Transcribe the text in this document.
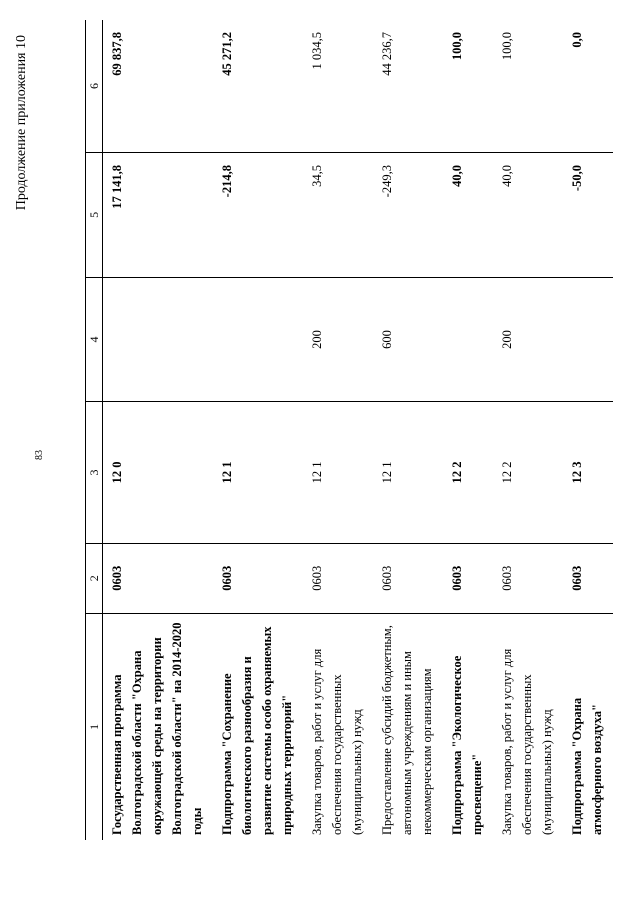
Продолжение приложения 10
83
1	2	3	4	5	6
Государственная программа Волгоградской области "Охрана окружающей среды на территории Волгоградской области" на 2014-2020 годы	0603	12 0		17 141,8	69 837,8
Подпрограмма "Сохранение биологического разнообразия и развитие системы особо охраняемых природных территорий"	0603	12 1		-214,8	45 271,2
Закупка товаров, работ и услуг для обеспечения государственных (муниципальных) нужд	0603	12 1	200	34,5	1 034,5
Предоставление субсидий бюджетным, автономным учреждениям и иным некоммерческим организациям	0603	12 1	600	-249,3	44 236,7
Подпрограмма "Экологическое просвещение"	0603	12 2		40,0	100,0
Закупка товаров, работ и услуг для обеспечения государственных (муниципальных) нужд	0603	12 2	200	40,0	100,0
Подпрограмма "Охрана атмосферного воздуха"	0603	12 3		-50,0	0,0
